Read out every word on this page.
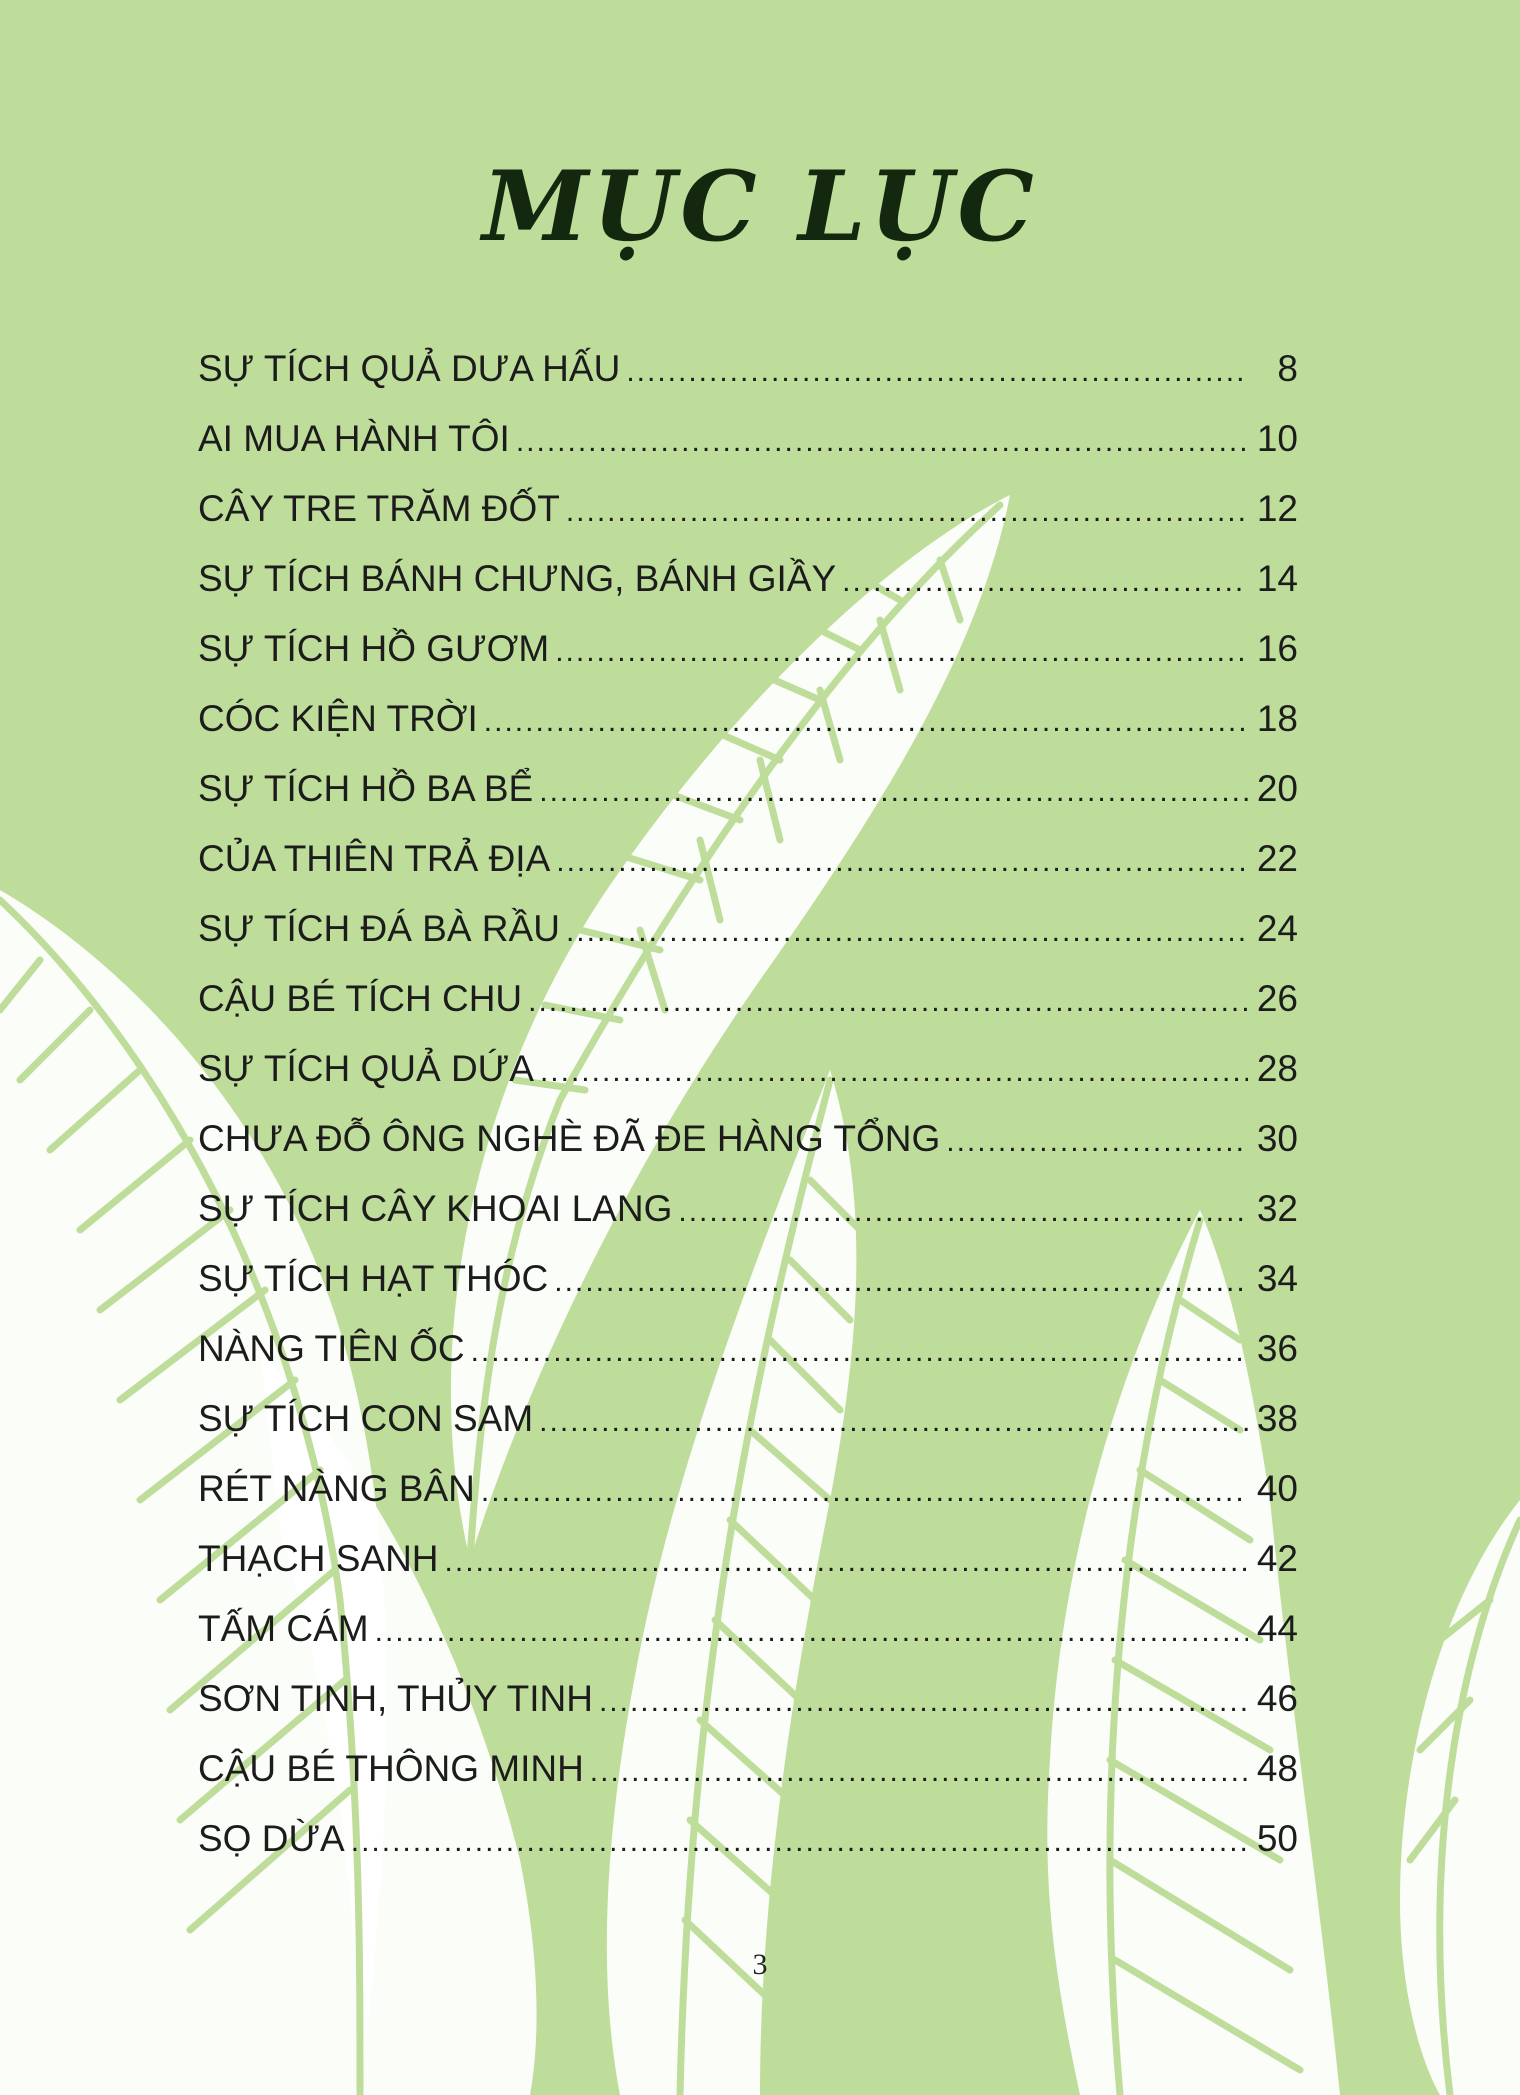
MỤC LỤC
SỰ TÍCH QUẢ DƯA HẤU .....	8
AI MUA HÀNH TÔI .....	10
CÂY TRE TRĂM ĐỐT .....	12
SỰ TÍCH BÁNH CHƯNG, BÁNH GIẦY .....	14
SỰ TÍCH HỒ GƯƠM .....	16
CÓC KIỆN TRỜI .....	18
SỰ TÍCH HỒ BA BỂ .....	20
CỦA THIÊN TRẢ ĐỊA .....	22
SỰ TÍCH ĐÁ BÀ RẦU .....	24
CẬU BÉ TÍCH CHU .....	26
SỰ TÍCH QUẢ DỨA .....	28
CHƯA ĐỖ ÔNG NGHÈ ĐÃ ĐE HÀNG TỔNG .....	30
SỰ TÍCH CÂY KHOAI LANG .....	32
SỰ TÍCH HẠT THÓC .....	34
NÀNG TIÊN ỐC .....	36
SỰ TÍCH CON SAM .....	38
RÉT NÀNG BÂN .....	40
THẠCH SANH .....	42
TẤM CÁM .....	44
SƠN TINH, THỦY TINH .....	46
CẬU BÉ THÔNG MINH .....	48
SỌ DỪA .....	50
3
